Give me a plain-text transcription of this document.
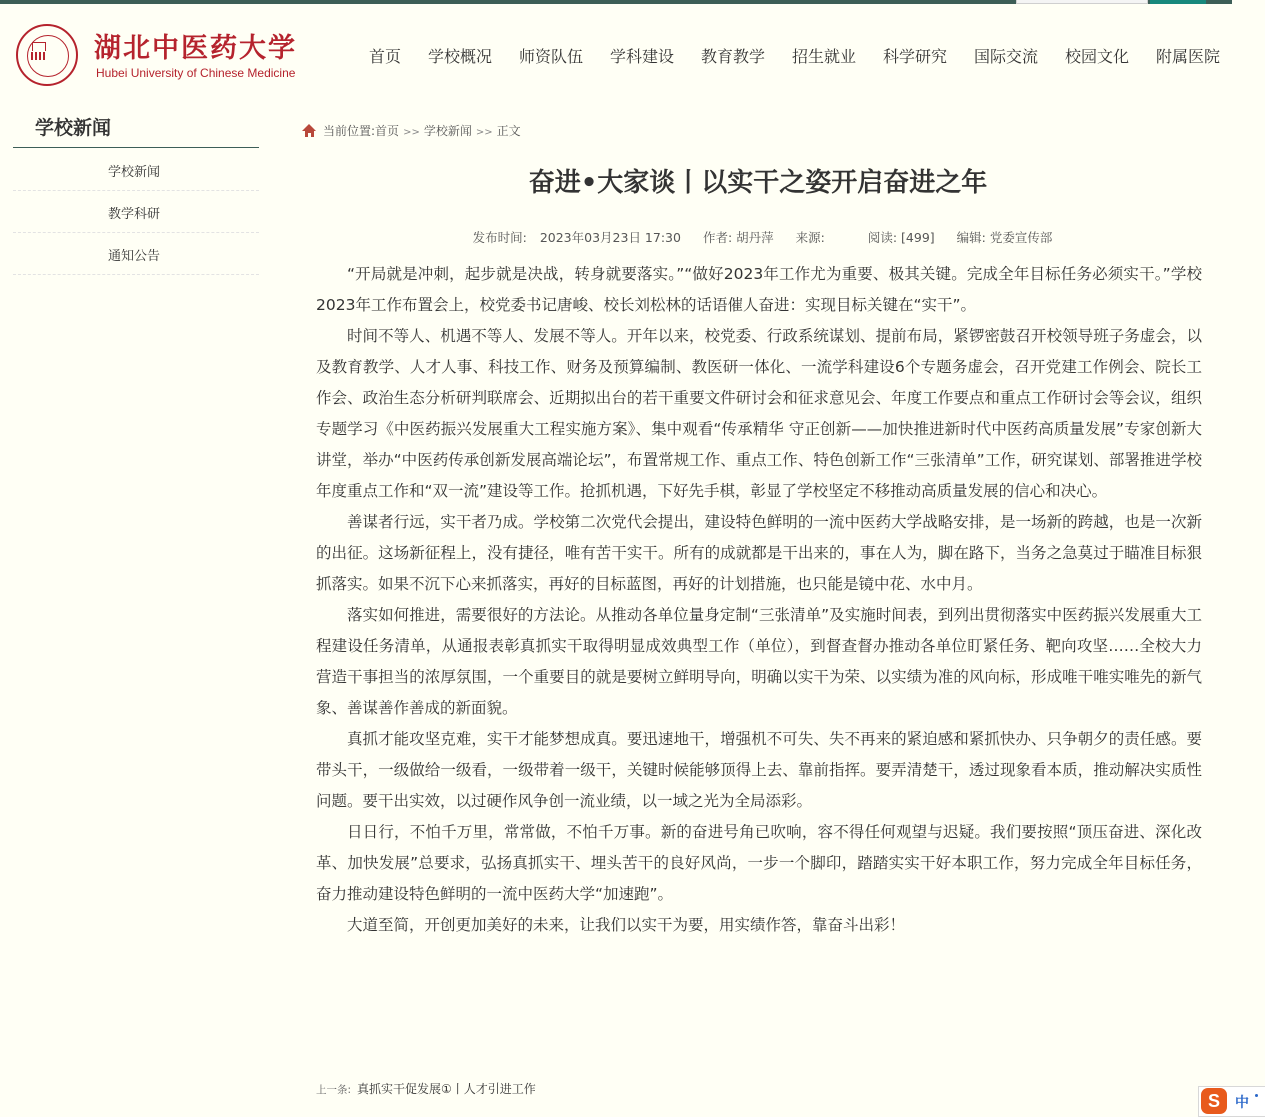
湖北中医药大学
Hubei University of Chinese Medicine
首页 学校概况 师资队伍 学科建设 教育教学 招生就业 科学研究 国际交流 校园文化 附属医院
学校新闻
学校新闻
教学科研
通知公告
当前位置:首页 >> 学校新闻 >> 正文
奋进•大家谈丨以实干之姿开启奋进之年
发布时间: 2023年03月23日 17:30 作者: 胡丹萍 来源:	阅读: [499] 编辑: 党委宣传部

“开局就是冲刺，起步就是决战，转身就要落实。”“做好2023年工作尤为重要、极其关键。完成全年目标任务必须实干。”学校2023年工作布置会上，校党委书记唐峻、校长刘松林的话语催人奋进：实现目标关键在“实干”。

时间不等人、机遇不等人、发展不等人。开年以来，校党委、行政系统谋划、提前布局，紧锣密鼓召开校领导班子务虚会，以及教育教学、人才人事、科技工作、财务及预算编制、教医研一体化、一流学科建设6个专题务虚会，召开党建工作例会、院长工作会、政治生态分析研判联席会、近期拟出台的若干重要文件研讨会和征求意见会、年度工作要点和重点工作研讨会等会议，组织专题学习《中医药振兴发展重大工程实施方案》、集中观看“传承精华 守正创新——加快推进新时代中医药高质量发展”专家创新大讲堂，举办“中医药传承创新发展高端论坛”，布置常规工作、重点工作、特色创新工作“三张清单”工作，研究谋划、部署推进学校年度重点工作和“双一流”建设等工作。抢抓机遇，下好先手棋，彰显了学校坚定不移推动高质量发展的信心和决心。

善谋者行远，实干者乃成。学校第二次党代会提出，建设特色鲜明的一流中医药大学战略安排，是一场新的跨越，也是一次新的出征。这场新征程上，没有捷径，唯有苦干实干。所有的成就都是干出来的，事在人为，脚在路下，当务之急莫过于瞄准目标狠抓落实。如果不沉下心来抓落实，再好的目标蓝图，再好的计划措施，也只能是镜中花、水中月。

落实如何推进，需要很好的方法论。从推动各单位量身定制“三张清单”及实施时间表，到列出贯彻落实中医药振兴发展重大工程建设任务清单，从通报表彰真抓实干取得明显成效典型工作（单位），到督查督办推动各单位盯紧任务、靶向攻坚……全校大力营造干事担当的浓厚氛围，一个重要目的就是要树立鲜明导向，明确以实干为荣、以实绩为准的风向标，形成唯干唯实唯先的新气象、善谋善作善成的新面貌。

真抓才能攻坚克难，实干才能梦想成真。要迅速地干，增强机不可失、失不再来的紧迫感和紧抓快办、只争朝夕的责任感。要带头干，一级做给一级看，一级带着一级干，关键时候能够顶得上去、靠前指挥。要弄清楚干，透过现象看本质，推动解决实质性问题。要干出实效，以过硬作风争创一流业绩，以一域之光为全局添彩。

日日行，不怕千万里，常常做，不怕千万事。新的奋进号角已吹响，容不得任何观望与迟疑。我们要按照“顶压奋进、深化改革、加快发展”总要求，弘扬真抓实干、埋头苦干的良好风尚，一步一个脚印，踏踏实实干好本职工作，努力完成全年目标任务，奋力推动建设特色鲜明的一流中医药大学“加速跑”。

大道至简，开创更加美好的未来，让我们以实干为要，用实绩作答，靠奋斗出彩！

上一条: 真抓实干促发展①丨人才引进工作
S	中
